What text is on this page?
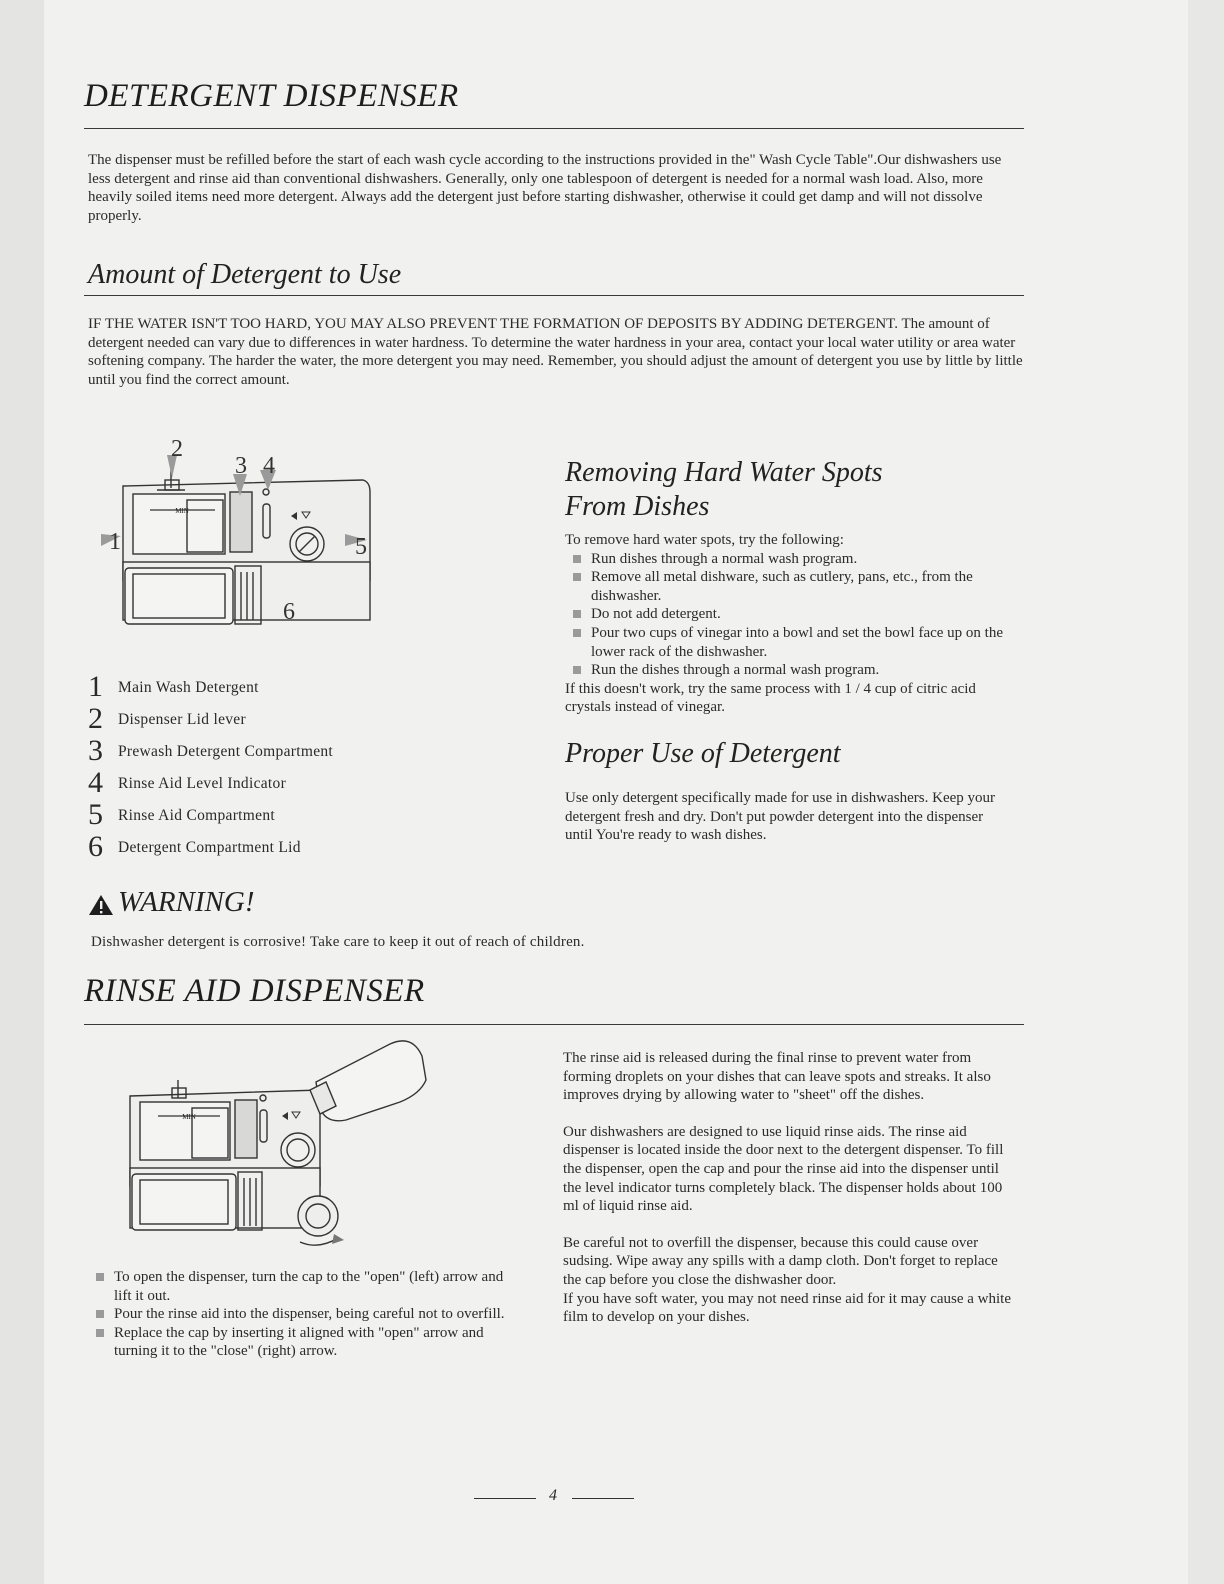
DETERGENT DISPENSER
The dispenser must be refilled before the start of each wash cycle according to the instructions provided in the" Wash Cycle Table".Our dishwashers use less detergent and rinse aid than conventional dishwashers. Generally, only one tablespoon of detergent is needed for a normal wash load. Also, more heavily soiled items need more detergent. Always add the detergent just before starting dishwasher, otherwise it could get damp and will not dissolve properly.
Amount of Detergent to Use
IF THE WATER ISN'T TOO HARD, YOU MAY ALSO PREVENT THE FORMATION OF DEPOSITS BY ADDING DETERGENT. The amount of detergent needed can vary due to differences in water hardness. To determine the water hardness in your area, contact your local water utility or area water softening company. The harder the water, the more detergent you may need. Remember, you should adjust the amount of detergent you use by little by little until you find the correct amount.
MIN
2
3 4
5
1
6
1 Main Wash Detergent
2 Dispenser Lid lever
3 Prewash Detergent Compartment
4 Rinse Aid Level Indicator
5 Rinse Aid Compartment
6 Detergent Compartment Lid
Removing Hard Water Spots
From Dishes
To remove hard water spots, try the following:
Run dishes through a normal wash program.
Remove all metal dishware, such as cutlery, pans, etc., from the dishwasher.
Do not add detergent.
Pour two cups of vinegar into a bowl and set the bowl face up on the lower rack of the dishwasher.
Run the dishes through a normal wash program.
If this doesn't work, try the same process with 1 / 4 cup of citric acid crystals instead of vinegar.
Proper Use of Detergent
Use only detergent specifically made for use in dishwashers. Keep your detergent fresh and dry. Don't put powder detergent into the dispenser until You're ready to wash dishes.
WARNING!
Dishwasher detergent is corrosive! Take care to keep it out of reach of children.
RINSE AID DISPENSER
MIN
To open the dispenser, turn the cap to the "open" (left) arrow and lift it out.
Pour the rinse aid into the dispenser, being careful not to overfill.
Replace the cap by inserting it aligned with "open" arrow and turning it to the "close" (right) arrow.
The rinse aid is released during the final rinse to prevent water from forming droplets on your dishes that can leave spots and streaks. It also improves drying by allowing water to "sheet" off the dishes.
Our dishwashers are designed to use liquid rinse aids. The rinse aid dispenser is located inside the door next to the detergent dispenser. To fill the dispenser, open the cap and pour the rinse aid into the dispenser until the level indicator turns completely black. The dispenser holds about 100 ml of liquid rinse aid.
Be careful not to overfill the dispenser, because this could cause over sudsing. Wipe away any spills with a damp cloth. Don't forget to replace the cap before you close the dishwasher door.
If you have soft water, you may not need rinse aid for it may cause a white film to develop on your dishes.
4
